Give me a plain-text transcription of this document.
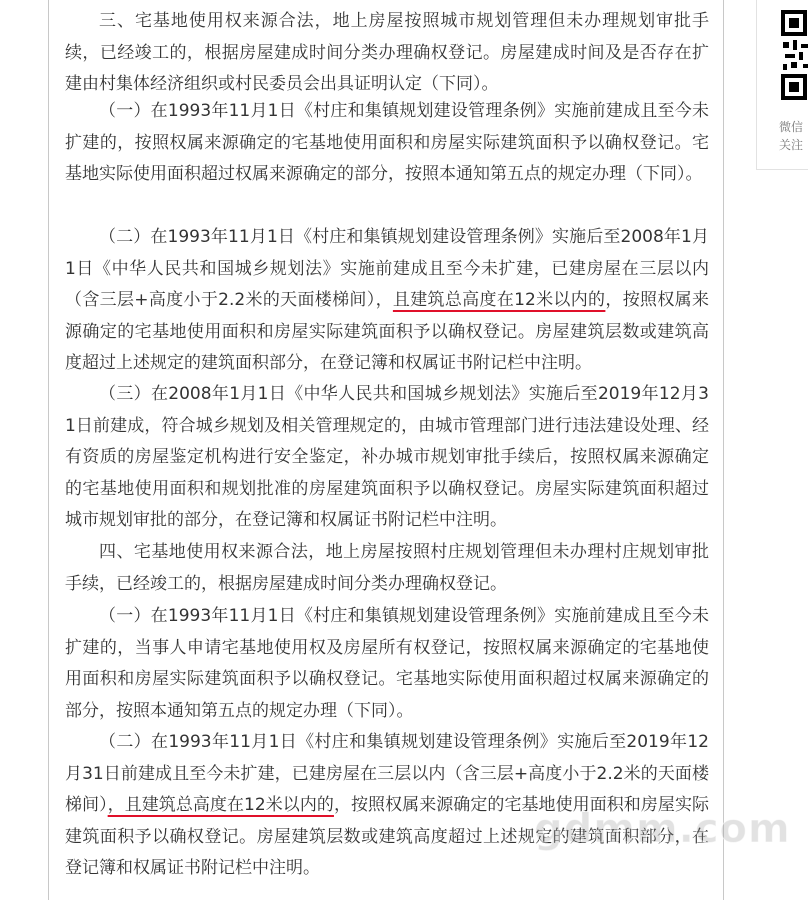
三、宅基地使用权来源合法，地上房屋按照城市规划管理但未办理规划审批手续，已经竣工的，根据房屋建成时间分类办理确权登记。房屋建成时间及是否存在扩建由村集体经济组织或村民委员会出具证明认定（下同）。

（一）在1993年11月1日《村庄和集镇规划建设管理条例》实施前建成且至今未扩建的，按照权属来源确定的宅基地使用面积和房屋实际建筑面积予以确权登记。宅基地实际使用面积超过权属来源确定的部分，按照本通知第五点的规定办理（下同）。

（二）在1993年11月1日《村庄和集镇规划建设管理条例》实施后至2008年1月1日《中华人民共和国城乡规划法》实施前建成且至今未扩建，已建房屋在三层以内（含三层+高度小于2.2米的天面楼梯间），且建筑总高度在12米以内的，按照权属来源确定的宅基地使用面积和房屋实际建筑面积予以确权登记。房屋建筑层数或建筑高度超过上述规定的建筑面积部分，在登记簿和权属证书附记栏中注明。

（三）在2008年1月1日《中华人民共和国城乡规划法》实施后至2019年12月31日前建成，符合城乡规划及相关管理规定的，由城市管理部门进行违法建设处理、经有资质的房屋鉴定机构进行安全鉴定，补办城市规划审批手续后，按照权属来源确定的宅基地使用面积和规划批准的房屋建筑面积予以确权登记。房屋实际建筑面积超过城市规划审批的部分，在登记簿和权属证书附记栏中注明。

四、宅基地使用权来源合法，地上房屋按照村庄规划管理但未办理村庄规划审批手续，已经竣工的，根据房屋建成时间分类办理确权登记。

（一）在1993年11月1日《村庄和集镇规划建设管理条例》实施前建成且至今未扩建的，当事人申请宅基地使用权及房屋所有权登记，按照权属来源确定的宅基地使用面积和房屋实际建筑面积予以确权登记。宅基地实际使用面积超过权属来源确定的部分，按照本通知第五点的规定办理（下同）。

（二）在1993年11月1日《村庄和集镇规划建设管理条例》实施后至2019年12月31日前建成且至今未扩建，已建房屋在三层以内（含三层+高度小于2.2米的天面楼梯间），且建筑总高度在12米以内的，按照权属来源确定的宅基地使用面积和房屋实际建筑面积予以确权登记。房屋建筑层数或建筑高度超过上述规定的建筑面积部分，在登记簿和权属证书附记栏中注明。

微信
关注
gdmm.com
